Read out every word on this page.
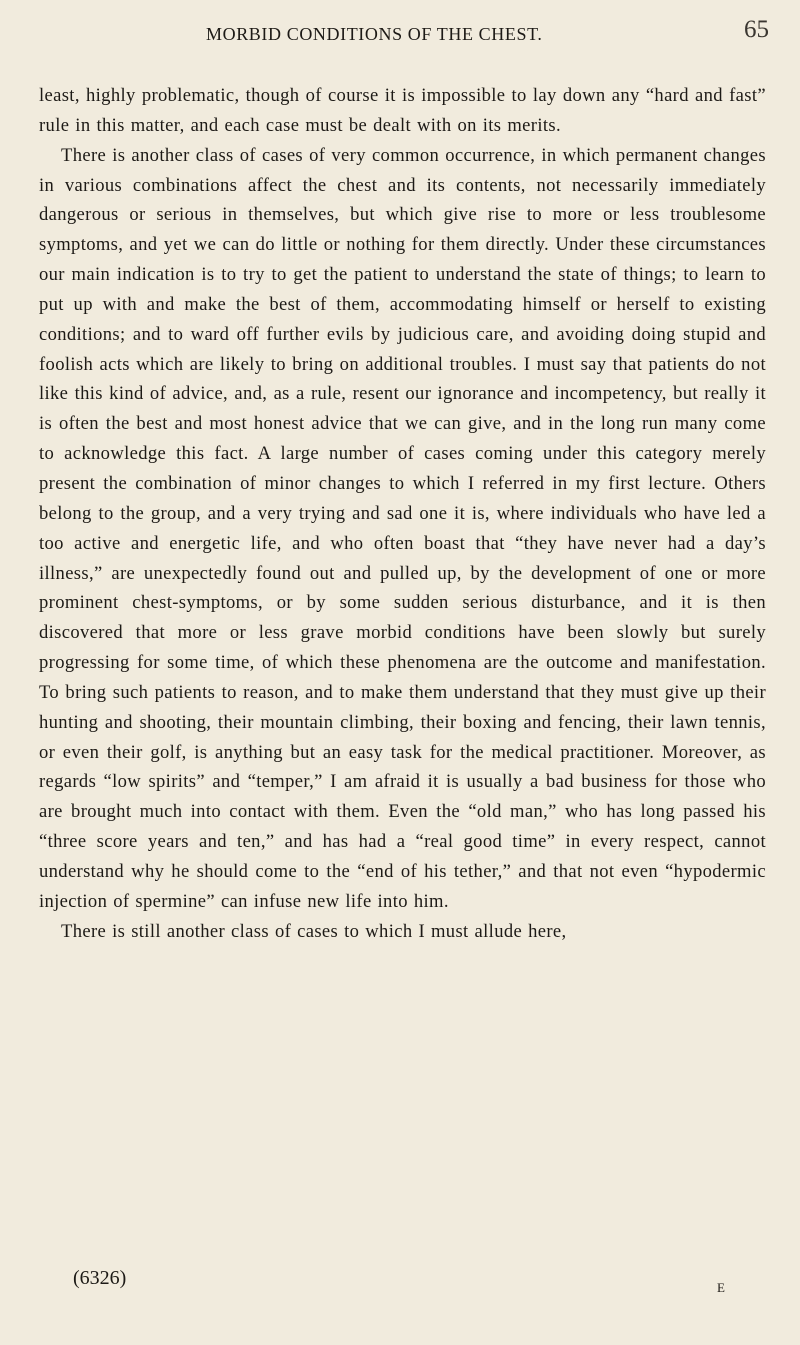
MORBID CONDITIONS OF THE CHEST.	65

least, highly problematic, though of course it is impossible to lay down any “hard and fast” rule in this matter, and each case must be dealt with on its merits.

There is another class of cases of very common occurrence, in which permanent changes in various combinations affect the chest and its contents, not necessarily immediately dangerous or serious in themselves, but which give rise to more or less troublesome symptoms, and yet we can do little or nothing for them directly. Under these circumstances our main indication is to try to get the patient to understand the state of things; to learn to put up with and make the best of them, accommodating himself or herself to existing conditions; and to ward off further evils by judicious care, and avoiding doing stupid and foolish acts which are likely to bring on additional troubles. I must say that patients do not like this kind of advice, and, as a rule, resent our ignorance and incompetency, but really it is often the best and most honest advice that we can give, and in the long run many come to acknowledge this fact. A large number of cases coming under this category merely present the combination of minor changes to which I referred in my first lecture. Others belong to the group, and a very trying and sad one it is, where individuals who have led a too active and energetic life, and who often boast that “they have never had a day’s illness,” are unexpectedly found out and pulled up, by the development of one or more prominent chest-symptoms, or by some sudden serious disturbance, and it is then discovered that more or less grave morbid conditions have been slowly but surely progressing for some time, of which these phenomena are the outcome and manifestation. To bring such patients to reason, and to make them understand that they must give up their hunting and shooting, their mountain climbing, their boxing and fencing, their lawn tennis, or even their golf, is anything but an easy task for the medical practitioner. Moreover, as regards “low spirits” and “temper,” I am afraid it is usually a bad business for those who are brought much into contact with them. Even the “old man,” who has long passed his “three score years and ten,” and has had a “real good time” in every respect, cannot understand why he should come to the “end of his tether,” and that not even “hypodermic injection of spermine” can infuse new life into him.

There is still another class of cases to which I must allude here,

(6326)	E
